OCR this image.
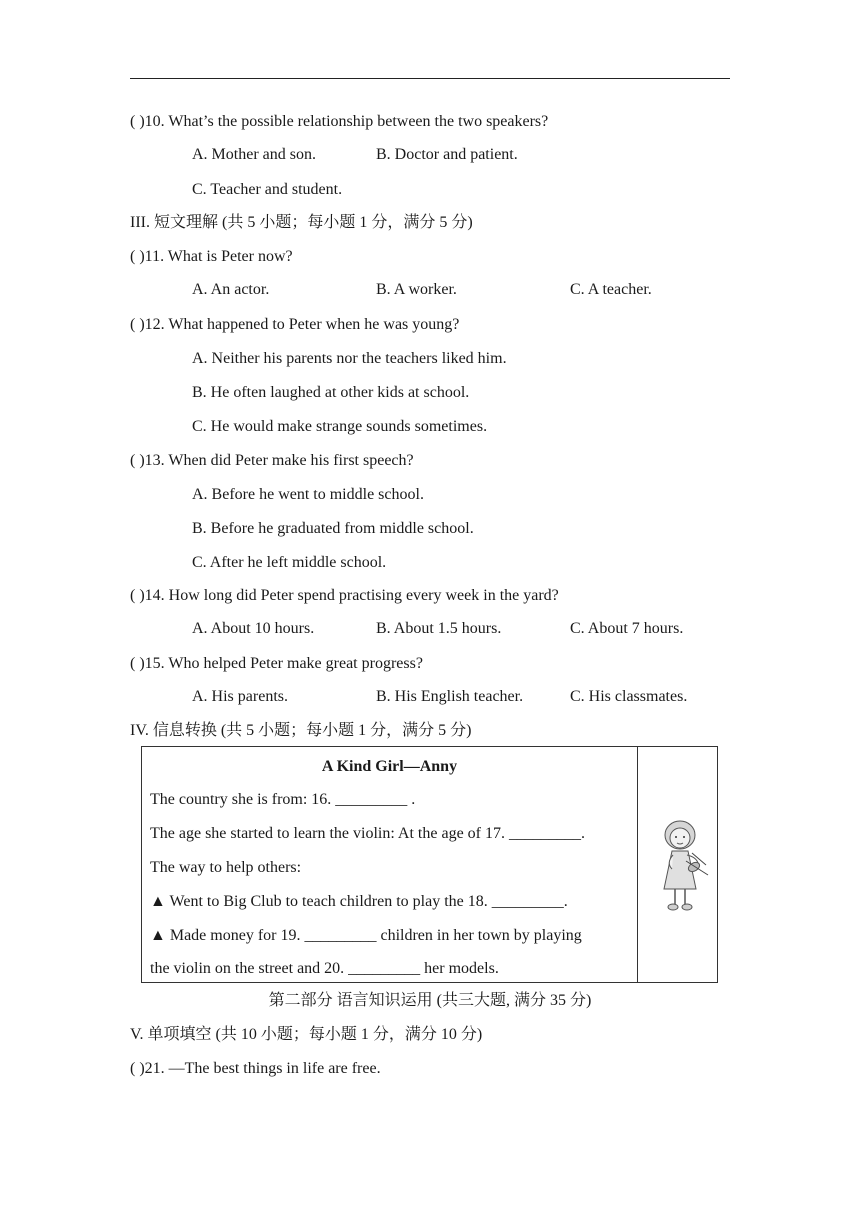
( )10. What’s the possible relationship between the two speakers?
A. Mother and son.	B. Doctor and patient.
C. Teacher and student.
III. 短文理解 (共 5 小题；每小题 1 分，满分 5 分)
( )11. What is Peter now?
A. An actor.	B. A worker.	C. A teacher.
( )12. What happened to Peter when he was young?
A. Neither his parents nor the teachers liked him.
B. He often laughed at other kids at school.
C. He would make strange sounds sometimes.
( )13. When did Peter make his first speech?
A. Before he went to middle school.
B. Before he graduated from middle school.
C. After he left middle school.
( )14. How long did Peter spend practising every week in the yard?
A. About 10 hours.	B. About 1.5 hours.	C. About 7 hours.
( )15. Who helped Peter make great progress?
A. His parents.	B. His English teacher.	C. His classmates.
IV. 信息转换 (共 5 小题；每小题 1 分，满分 5 分)
A Kind Girl—Anny
The country she is from: 16. _________ .
The age she started to learn the violin: At the age of 17. _________.
The way to help others:
▲ Went to Big Club to teach children to play the 18. _________.
▲ Made money for 19. _________ children in her town by playing
the violin on the street and 20. _________ her models.
第二部分 语言知识运用 (共三大题, 满分 35 分)
V. 单项填空 (共 10 小题；每小题 1 分，满分 10 分)
( )21. —The best things in life are free.
